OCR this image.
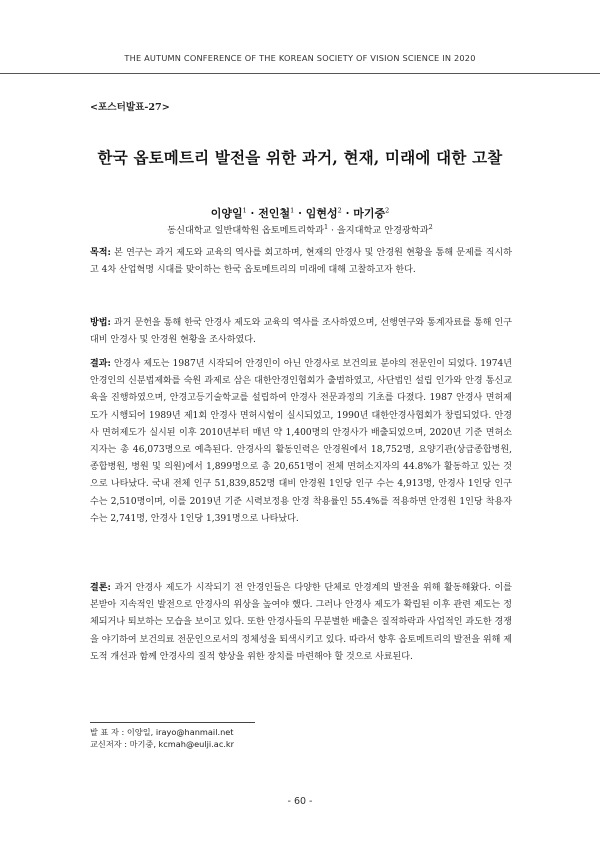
THE AUTUMN CONFERENCE OF THE KOREAN SOCIETY OF VISION SCIENCE IN 2020
<포스터발표-27>
한국 옵토메트리 발전을 위한 과거, 현재, 미래에 대한 고찰
이양일$^1$ · 전인철$^1$ · 임현성$^2$ · 마기중$^2$
동신대학교 일반대학원 옵토메트리학과$^1$ · 을지대학교 안경광학과$^2$
목적: 본 연구는 과거 제도와 교육의 역사를 회고하며, 현재의 안경사 및 안경원 현황을 통해 문제를 직시하고 4차 산업혁명 시대를 맞이하는 한국 옵토메트리의 미래에 대해 고찰하고자 한다.
방법: 과거 문헌을 통해 한국 안경사 제도와 교육의 역사를 조사하였으며, 선행연구와 통계자료를 통해 인구대비 안경사 및 안경원 현황을 조사하였다.
결과: 안경사 제도는 1987년 시작되어 안경인이 아닌 안경사로 보건의료 분야의 전문인이 되었다. 1974년 안경인의 신분법제화를 숙원 과제로 삼은 대한안경인협회가 출범하였고, 사단법인 설립 인가와 안경 통신교육을 진행하였으며, 안경고등기술학교를 설립하여 안경사 전문과정의 기초를 다졌다. 1987 안경사 면허제도가 시행되어 1989년 제1회 안경사 면허시험이 실시되었고, 1990년 대한안경사협회가 창립되었다. 안경사 면허제도가 실시된 이후 2010년부터 매년 약 1,400명의 안경사가 배출되었으며, 2020년 기준 면허소지자는 총 46,073명으로 예측된다. 안경사의 활동인력은 안경원에서 18,752명, 요양기관(상급종합병원, 종합병원, 병원 및 의원)에서 1,899명으로 총 20,651명이 전체 면허소지자의 44.8%가 활동하고 있는 것으로 나타났다. 국내 전체 인구 51,839,852명 대비 안경원 1인당 인구 수는 4,913명, 안경사 1인당 인구 수는 2,510명이며, 이를 2019년 기준 시력보정용 안경 착용률인 55.4%를 적용하면 안경원 1인당 착용자 수는 2,741명, 안경사 1인당 1,391명으로 나타났다.
결론: 과거 안경사 제도가 시작되기 전 안경인들은 다양한 단체로 안경계의 발전을 위해 활동해왔다. 이를 본받아 지속적인 발전으로 안경사의 위상을 높여야 했다. 그러나 안경사 제도가 확립된 이후 관련 제도는 정체되거나 퇴보하는 모습을 보이고 있다. 또한 안경사들의 무분별한 배출은 질적하락과 사업적인 과도한 경쟁을 야기하여 보건의료 전문인으로서의 정체성을 퇴색시키고 있다. 따라서 향후 옵토메트리의 발전을 위해 제도적 개선과 함께 안경사의 질적 향상을 위한 장치를 마련해야 할 것으로 사료된다.
발 표 자 : 이양일, irayo@hanmail.net
교신저자 : 마기중, kcmah@eulji.ac.kr
- 60 -
